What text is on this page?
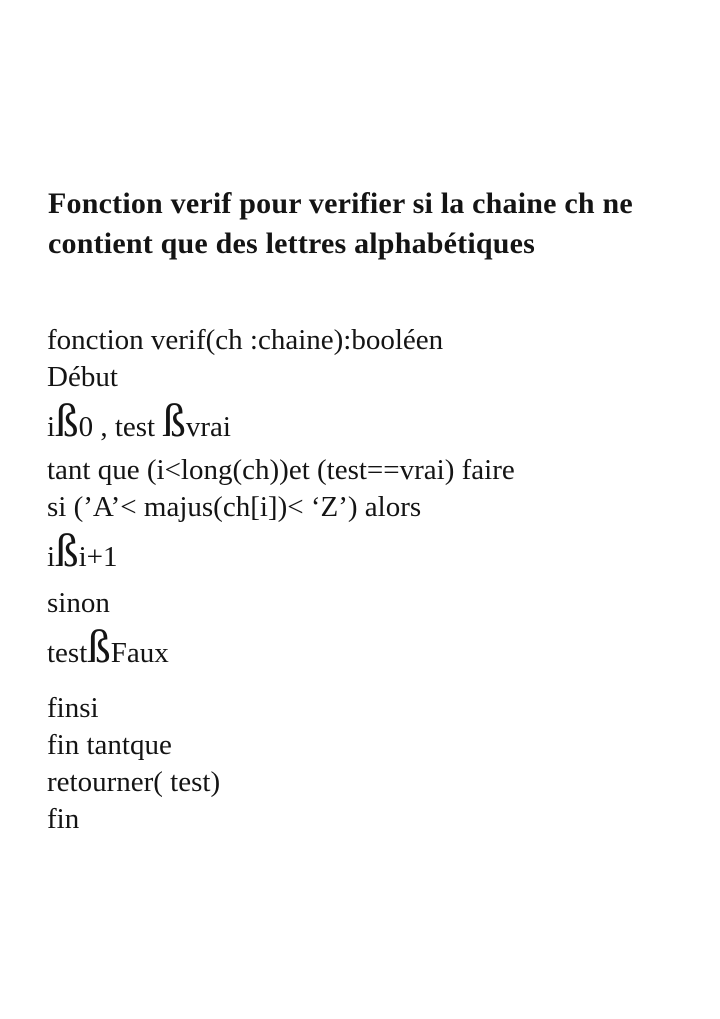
Fonction verif pour verifier si la chaine ch ne
contient que des lettres alphabétiques
fonction verif(ch :chaine):booléen
Début
iß0 , test ßvrai
tant que (i<long(ch))et (test==vrai) faire
si (’A’< majus(ch[i])< ‘Z’) alors
ißi+1
sinon
testßFaux
finsi
fin tantque
retourner( test)
fin
